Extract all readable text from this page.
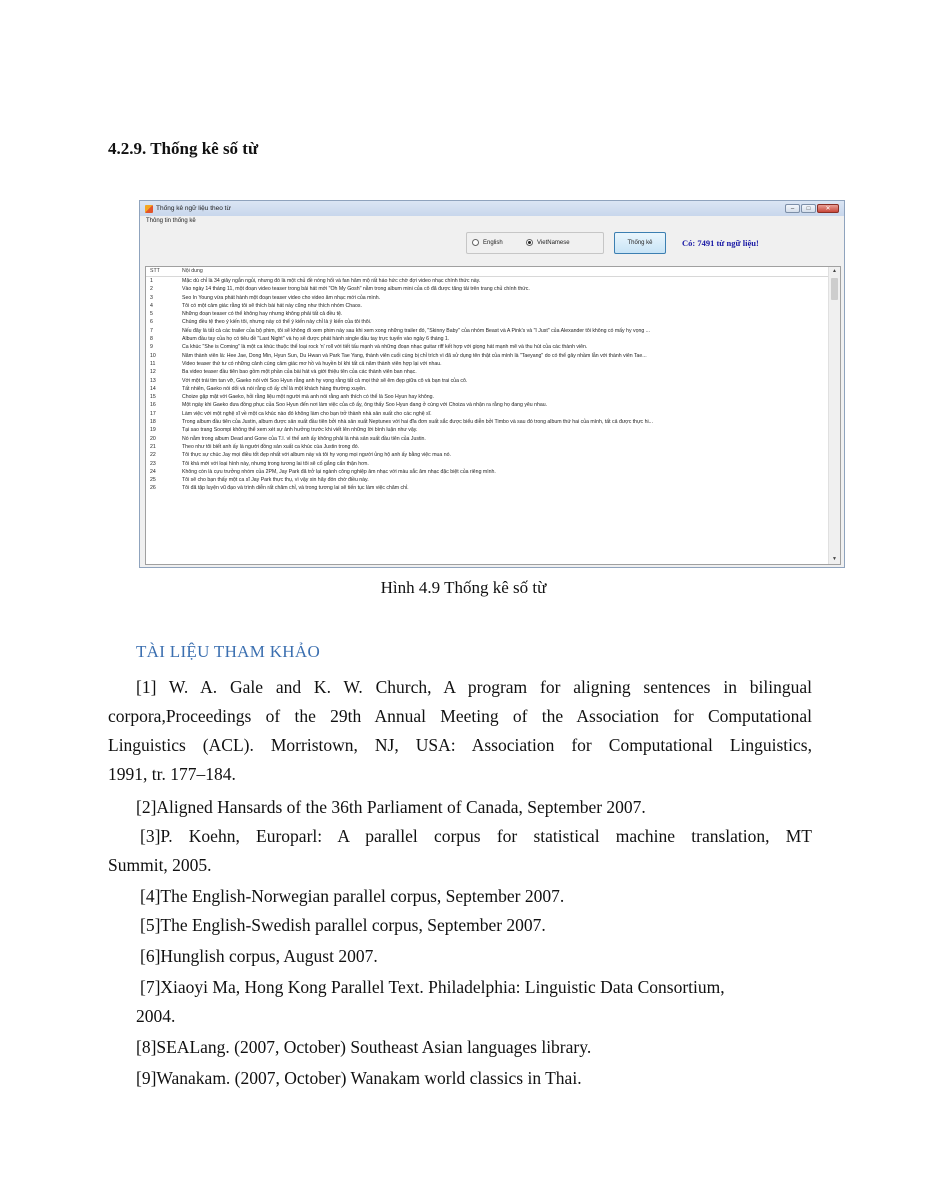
4.2.9. Thống kê số từ
Thống kê ngữ liệu theo từ	–	□	✕
Thông tin thống kê
English	VietNamese	Thống kê	Có: 7491 từ ngữ liệu!
STT	Nội dung
1	Mặc dù chỉ là 34 giây ngắn ngủi, nhưng đó là một chủ đề nóng hổi và fan hâm mộ rất háo hức chờ đợi video nhạc chính thức này.
2	Vào ngày 14 tháng 11, một đoạn video teaser trong bài hát mới "Oh My Gosh" nằm trong album mini của cô đã được tăng tải trên trang chủ chính thức.
3	Seo In Young vừa phát hành một đoạn teaser video cho video âm nhạc mới của mình.
4	Tôi có một cảm giác rằng tôi sẽ thích bài hát này cũng như thích nhóm Chaos.
5	Những đoạn teaser có thể không hay nhưng không phải tất cả đều tệ.
6	Chúng đều tệ theo ý kiến tôi, nhưng này có thể ý kiến này chỉ là ý kiến của tôi thôi.
7	Nếu đây là tất cả các trailer của bộ phim, tôi sẽ không đi xem phim này sau khi xem xong những trailer đó, "Skinny Baby" của nhóm Beast và A Pink's và "I Just" của Alexander tôi không có mấy hy vọng ...
8	Album đầu tay của họ có tiêu đề "Last Night" và họ sẽ được phát hành single đầu tay trực tuyến vào ngày 6 tháng 1.
9	Ca khúc "She is Coming" là một ca khúc thuộc thể loại rock 'n' roll với tiết tấu mạnh và những đoạn nhạc guitar riff kết hợp với giọng hát mạnh mẽ và thu hút của các thành viên.
10	Năm thành viên là: Hee Jae, Dong Min, Hyun Sun, Du Hwan và Park Tae Yang, thành viên cuối cùng bị chỉ trích vì đã sử dụng tên thật của mình là "Taeyang" do có thể gây nhầm lẫn với thành viên Tae...
11	Video teaser thứ tư có những cảnh cùng cảm giác mơ hồ và huyền bí khi tất cả năm thành viên hợp lại với nhau.
12	Ba video teaser đầu tiên bao gồm một phần của bài hát và giới thiệu tên của các thành viên ban nhạc.
13	Với một trái tim tan vỡ, Gaeko nói với Soo Hyun rằng anh hy vọng rằng tất cả mọi thứ sẽ êm đẹp giữa cô và bạn trai của cô.
14	Tất nhiên, Gaeko nói dối và nói rằng cô ấy chỉ là một khách hàng thường xuyên.
15	Choize gặp mặt với Gaeko, hỏi rằng liệu một người mà anh nói rằng anh thích có thể là Soo Hyun hay không.
16	Một ngày khi Gaeko đưa đồng phục của Soo Hyun đến nơi làm việc của cô ấy, ông thấy Soo Hyun đang ở cùng với Choiza và nhận ra rằng họ đang yêu nhau.
17	Làm việc với một nghệ sĩ về một ca khúc nào đó không làm cho bạn trở thành nhà sản xuất cho các nghệ sĩ.
18	Trong album đầu tiên của Justin, album được sản xuất đầu tiên bởi nhà sản xuất Neptunes với hai đĩa đơn xuất sắc được biểu diễn bởi Timbo và sau đó trong album thứ hai của mình, tất cả được thực hi...
19	Tại sao trang Soompi không thể xem xét sự ảnh hưởng trước khi viết lên những lời bình luận như vậy.
20	Nó nằm trong album Dead and Gone của T.I. vì thế anh ấy không phải là nhà sản xuất đầu tiên của Justin.
21	Theo như tôi biết anh ấy là người đồng sản xuất ca khúc cùa Justin trong đó.
22	Tôi thực sự chúc Jay mọi điều tốt đẹp nhất với album này và tôi hy vọng mọi người ủng hộ anh ấy bằng việc mua nó.
23	Tôi khá mới với loại hình này, nhưng trong tương lai tôi sẽ cố gắng cẩn thận hơn.
24	Không còn là cựu trưởng nhóm của 2PM, Jay Park đã trở lại ngành công nghiệp âm nhạc với màu sắc âm nhạc đặc biệt của riêng mình.
25	Tôi sẽ cho bạn thấy một ca sĩ Jay Park thực thụ, vì vậy xin hãy đón chờ điều này.
26	Tôi đã tập luyện vũ đạo và trình diễn rất chăm chỉ, và trong tương lai sẽ tiến tục làm việc chăm chỉ.
▲
▼
Hình 4.9 Thống kê số từ
TÀI LIỆU THAM KHẢO
[1] W. A. Gale and K. W. Church, A program for aligning sentences in bilingual
corpora,Proceedings of the 29th Annual Meeting of the Association for Computational
Linguistics (ACL). Morristown, NJ, USA: Association for Computational Linguistics,
1991, tr. 177–184.
[2]Aligned Hansards of the 36th Parliament of Canada, September 2007.
[3]P. Koehn, Europarl: A parallel corpus for statistical machine translation, MT
Summit, 2005.
[4]The English-Norwegian parallel corpus, September 2007.
[5]The English-Swedish parallel corpus, September 2007.
[6]Hunglish corpus, August 2007.
[7]Xiaoyi Ma, Hong Kong Parallel Text. Philadelphia: Linguistic Data Consortium,
2004.
[8]SEALang. (2007, October) Southeast Asian languages library.
[9]Wanakam. (2007, October) Wanakam world classics in Thai.
